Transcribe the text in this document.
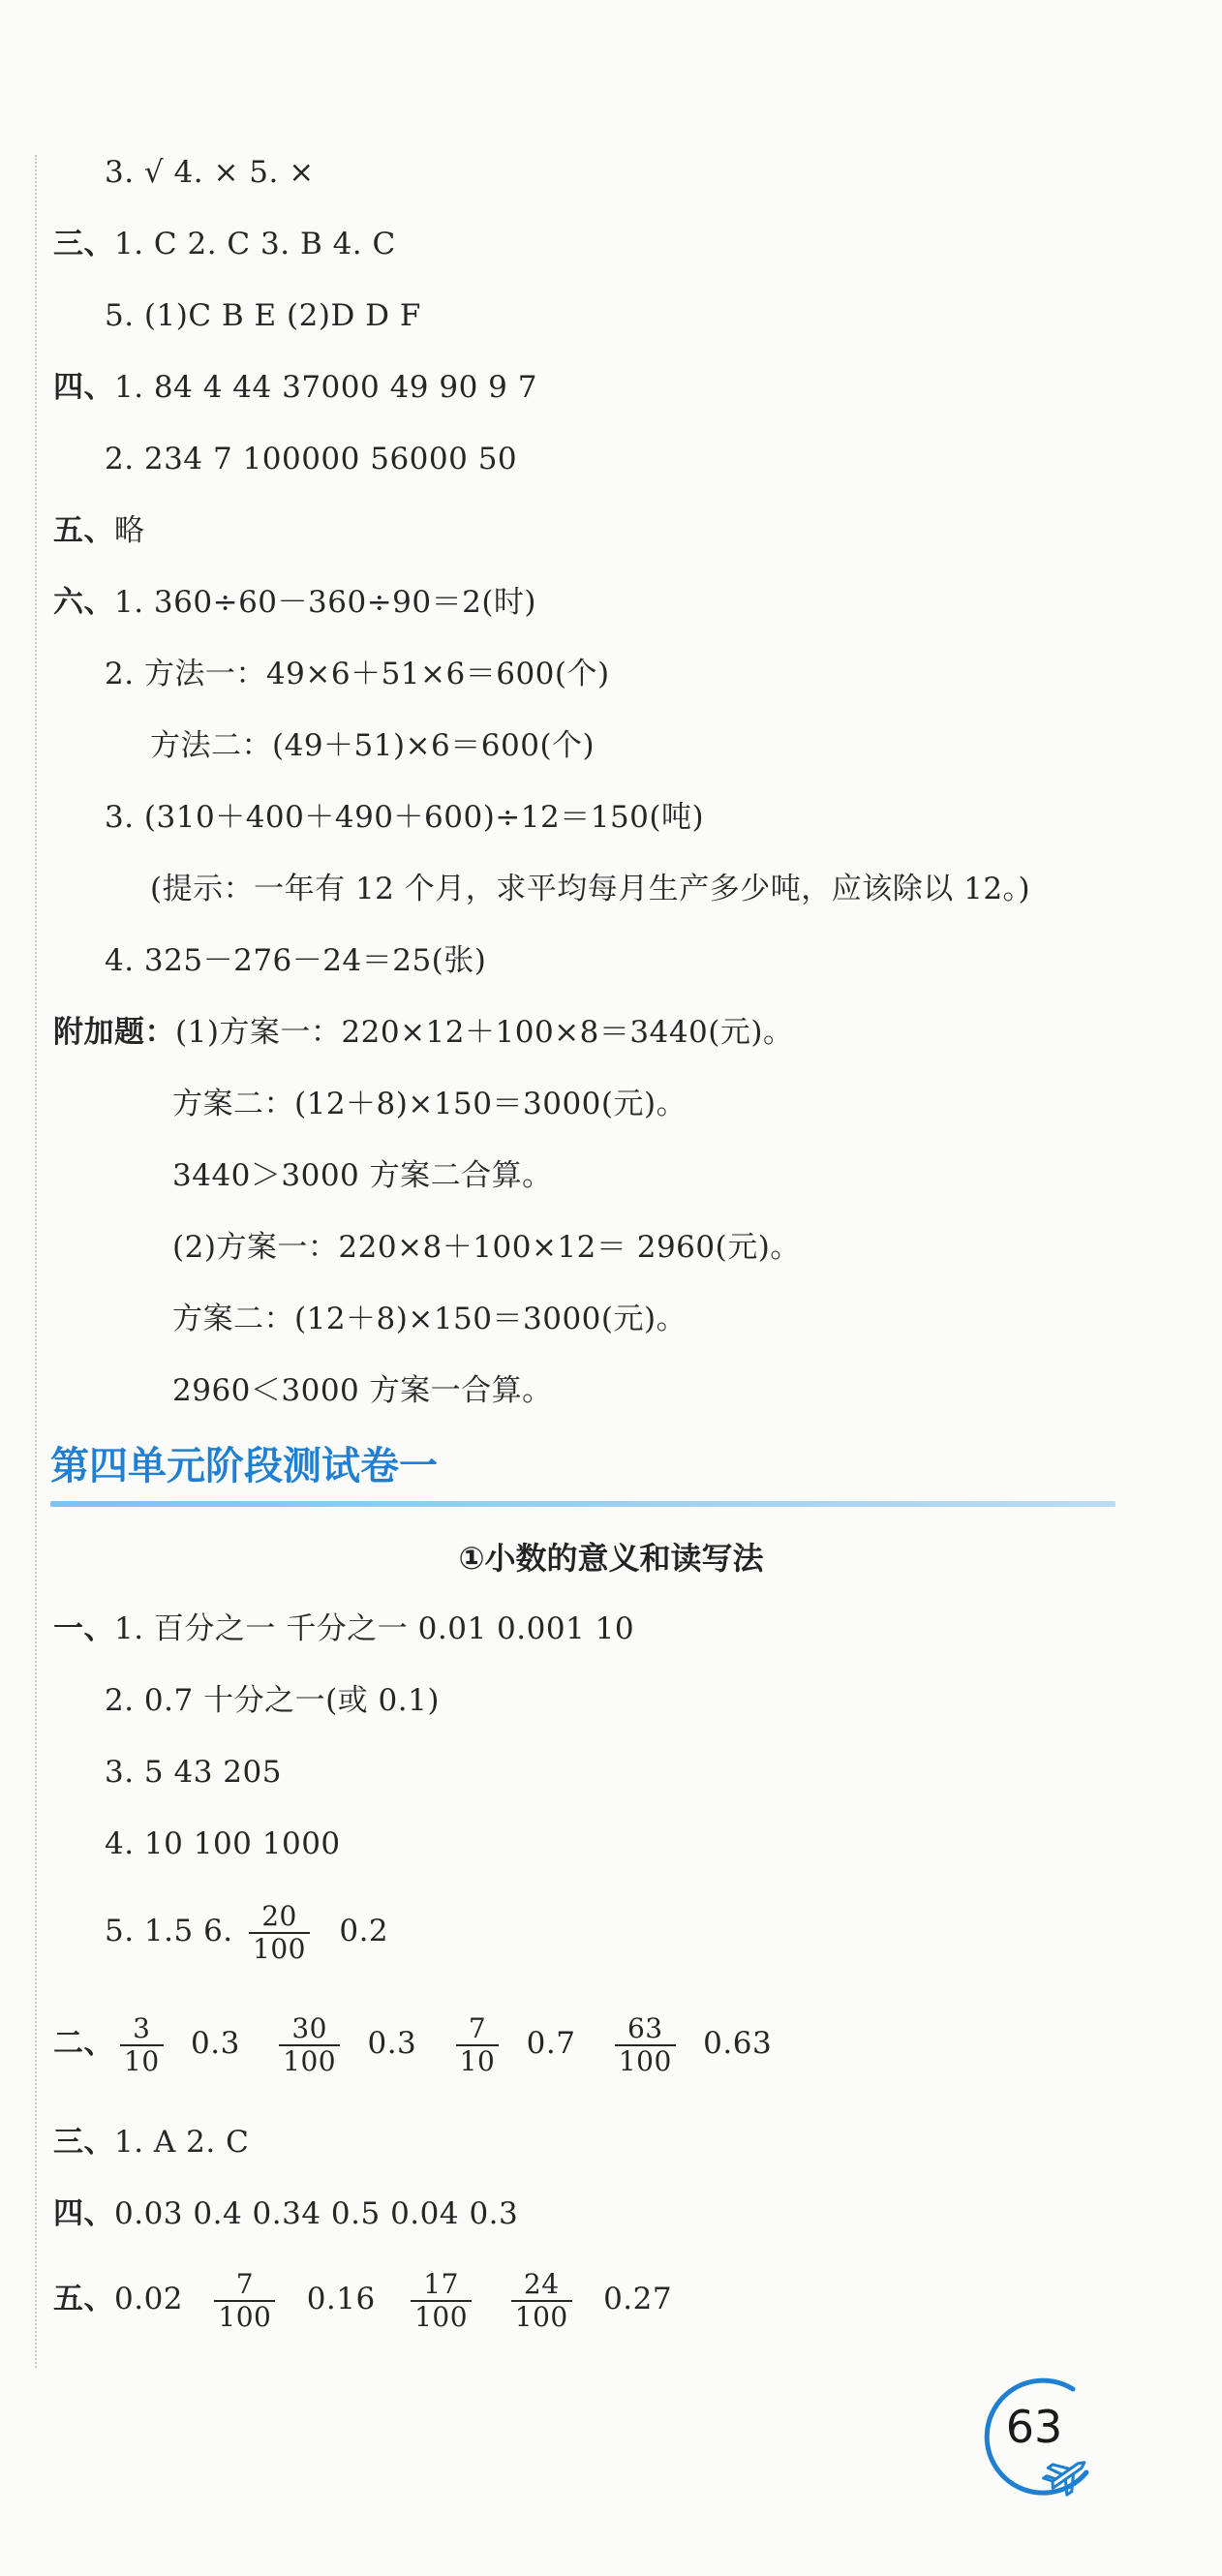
3. √ 4. × 5. ×
三、1. C 2. C 3. B 4. C
5. (1)C B E (2)D D F
四、1. 84 4 44 37000 49 90 9 7
2. 234 7 100000 56000 50
五、略
六、1. 360÷60－360÷90＝2(时)
2. 方法一：49×6＋51×6＝600(个)
方法二：(49＋51)×6＝600(个)
3. (310＋400＋490＋600)÷12＝150(吨)
(提示：一年有 12 个月，求平均每月生产多少吨，应该除以 12。)
4. 325－276－24＝25(张)
附加题：(1)方案一：220×12＋100×8＝3440(元)。
方案二：(12＋8)×150＝3000(元)。
3440＞3000 方案二合算。
(2)方案一：220×8＋100×12＝ 2960(元)。
方案二：(12＋8)×150＝3000(元)。
2960＜3000 方案一合算。
第四单元阶段测试卷一
①小数的意义和读写法
一、1. 百分之一 千分之一 0.01 0.001 10
2. 0.7 十分之一(或 0.1)
3. 5 43 205
4. 10 100 1000
5. 1.5 6. $\frac{20}{100} 0.2$
二、 $\frac{3}{10} 0.3 \frac{30}{100} 0.3 \frac{7}{10} 0.7 \frac{63}{100} 0.63$
三、1. A 2. C
四、0.03 0.4 0.34 0.5 0.04 0.3
五、$0.02 \frac{7}{100} 0.16 \frac{17}{100}$
$\frac{24}{100} 0.27$
63
